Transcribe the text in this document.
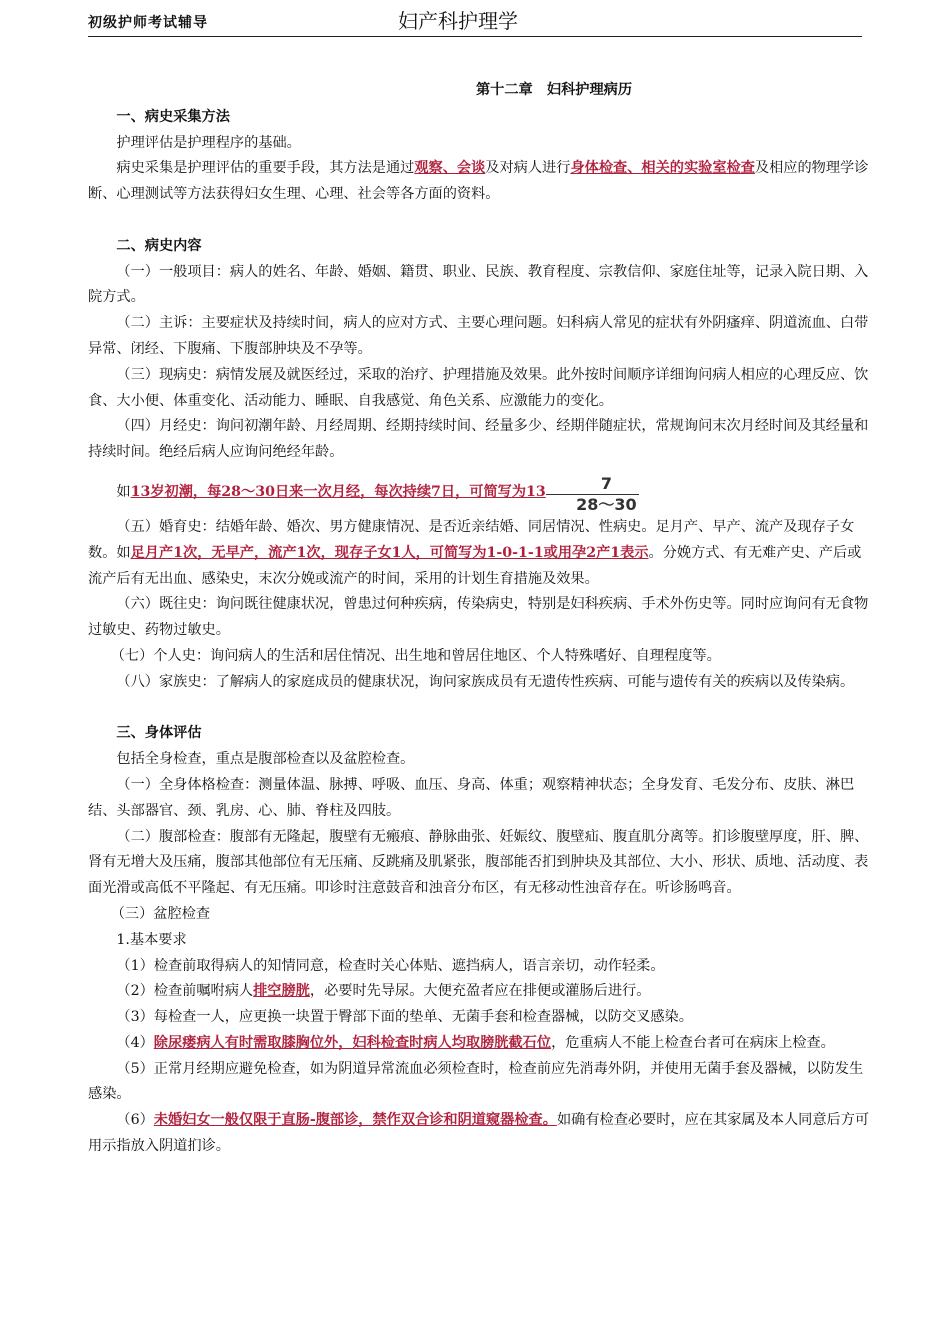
初级护师考试辅导	妇产科护理学

第十二章　妇科护理病历

一、病史采集方法

护理评估是护理程序的基础。

病史采集是护理评估的重要手段，其方法是通过观察、会谈及对病人进行身体检查、相关的实验室检查及相应的物理学诊断、心理测试等方法获得妇女生理、心理、社会等各方面的资料。

二、病史内容

（一）一般项目：病人的姓名、年龄、婚姻、籍贯、职业、民族、教育程度、宗教信仰、家庭住址等，记录入院日期、入院方式。

（二）主诉：主要症状及持续时间，病人的应对方式、主要心理问题。妇科病人常见的症状有外阴瘙痒、阴道流血、白带异常、闭经、下腹痛、下腹部肿块及不孕等。

（三）现病史：病情发展及就医经过，采取的治疗、护理措施及效果。此外按时间顺序详细询问病人相应的心理反应、饮食、大小便、体重变化、活动能力、睡眠、自我感觉、角色关系、应激能力的变化。

（四）月经史：询问初潮年龄、月经周期、经期持续时间、经量多少、经期伴随症状，常规询问末次月经时间及其经量和持续时间。绝经后病人应询问绝经年龄。

如13岁初潮，每28～30日来一次月经，每次持续7日，可简写为$13 \frac{7}{28\sim 30}$

（五）婚育史：结婚年龄、婚次、男方健康情况、是否近亲结婚、同居情况、性病史。足月产、早产、流产及现存子女数。如足月产1次，无早产，流产1次，现存子女1人，可简写为1-0-1-1或用孕2产1表示。分娩方式、有无难产史、产后或流产后有无出血、感染史，末次分娩或流产的时间，采用的计划生育措施及效果。

（六）既往史：询问既往健康状况，曾患过何种疾病，传染病史，特别是妇科疾病、手术外伤史等。同时应询问有无食物过敏史、药物过敏史。

（七）个人史：询问病人的生活和居住情况、出生地和曾居住地区、个人特殊嗜好、自理程度等。

（八）家族史：了解病人的家庭成员的健康状况，询问家族成员有无遗传性疾病、可能与遗传有关的疾病以及传染病。

三、身体评估

包括全身检查，重点是腹部检查以及盆腔检查。

（一）全身体格检查：测量体温、脉搏、呼吸、血压、身高、体重；观察精神状态；全身发育、毛发分布、皮肤、淋巴结、头部器官、颈、乳房、心、肺、脊柱及四肢。

（二）腹部检查：腹部有无隆起，腹壁有无瘢痕、静脉曲张、妊娠纹、腹壁疝、腹直肌分离等。扪诊腹壁厚度，肝、脾、肾有无增大及压痛，腹部其他部位有无压痛、反跳痛及肌紧张，腹部能否扪到肿块及其部位、大小、形状、质地、活动度、表面光滑或高低不平隆起、有无压痛。叩诊时注意鼓音和浊音分布区，有无移动性浊音存在。听诊肠鸣音。

（三）盆腔检查

1.基本要求

（1）检查前取得病人的知情同意，检查时关心体贴、遮挡病人，语言亲切，动作轻柔。

（2）检查前嘱咐病人排空膀胱，必要时先导尿。大便充盈者应在排便或灌肠后进行。

（3）每检查一人，应更换一块置于臀部下面的垫单、无菌手套和检查器械，以防交叉感染。

（4）除尿瘘病人有时需取膝胸位外，妇科检查时病人均取膀胱截石位，危重病人不能上检查台者可在病床上检查。

（5）正常月经期应避免检查，如为阴道异常流血必须检查时，检查前应先消毒外阴，并使用无菌手套及器械，以防发生感染。

（6）未婚妇女一般仅限于直肠-腹部诊，禁作双合诊和阴道窥器检查。如确有检查必要时，应在其家属及本人同意后方可用示指放入阴道扪诊。
